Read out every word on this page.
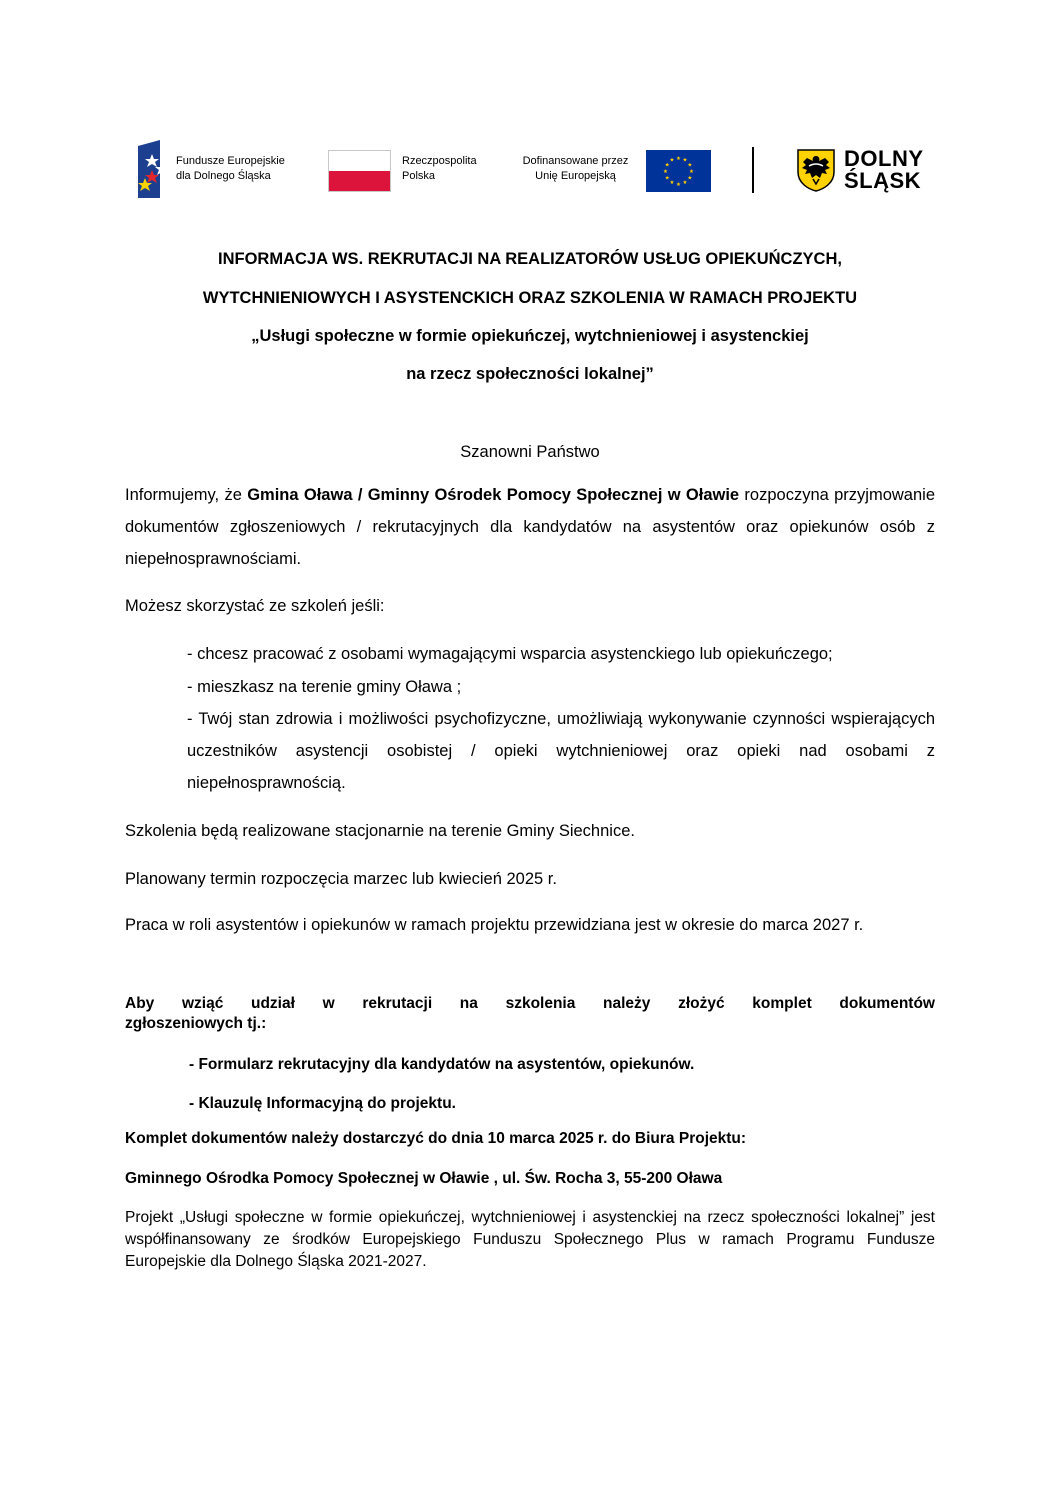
Fundusze Europejskie
dla Dolnego Śląska
Rzeczpospolita
Polska
Dofinansowane przez
Unię Europejską
★ ★
★
★
★
★
★
★
★
★
★
★	DOLNY
ŚLĄSK
INFORMACJA WS. REKRUTACJI NA REALIZATORÓW USŁUG OPIEKUŃCZYCH,
WYTCHNIENIOWYCH I ASYSTENCKICH ORAZ SZKOLENIA W RAMACH PROJEKTU
„Usługi społeczne w formie opiekuńczej, wytchnieniowej i asystenckiej
na rzecz społeczności lokalnej”
Szanowni Państwo
Informujemy, że Gmina Oława / Gminny Ośrodek Pomocy Społecznej w Oławie rozpoczyna przyjmowanie dokumentów zgłoszeniowych / rekrutacyjnych dla kandydatów na asystentów oraz opiekunów osób z niepełnosprawnościami.
Możesz skorzystać ze szkoleń jeśli:
- chcesz pracować z osobami wymagającymi wsparcia asystenckiego lub opiekuńczego;
- mieszkasz na terenie gminy Oława ;
- Twój stan zdrowia i możliwości psychofizyczne, umożliwiają wykonywanie czynności wspierających uczestników asystencji osobistej / opieki wytchnieniowej oraz opieki nad osobami z niepełnosprawnością.
Szkolenia będą realizowane stacjonarnie na terenie Gminy Siechnice.
Planowany termin rozpoczęcia marzec lub kwiecień 2025 r.
Praca w roli asystentów i opiekunów w ramach projektu przewidziana jest w okresie do marca 2027 r.
Aby wziąć udział w rekrutacji na szkolenia należy złożyć komplet dokumentów
zgłoszeniowych tj.:
- Formularz rekrutacyjny dla kandydatów na asystentów, opiekunów.
- Klauzulę Informacyjną do projektu.
Komplet dokumentów należy dostarczyć do dnia 10 marca 2025 r. do Biura Projektu:
Gminnego Ośrodka Pomocy Społecznej w Oławie , ul. Św. Rocha 3, 55-200 Oława
Projekt „Usługi społeczne w formie opiekuńczej, wytchnieniowej i asystenckiej na rzecz społeczności lokalnej” jest współfinansowany ze środków Europejskiego Funduszu Społecznego Plus w ramach Programu Fundusze Europejskie dla Dolnego Śląska 2021-2027.
